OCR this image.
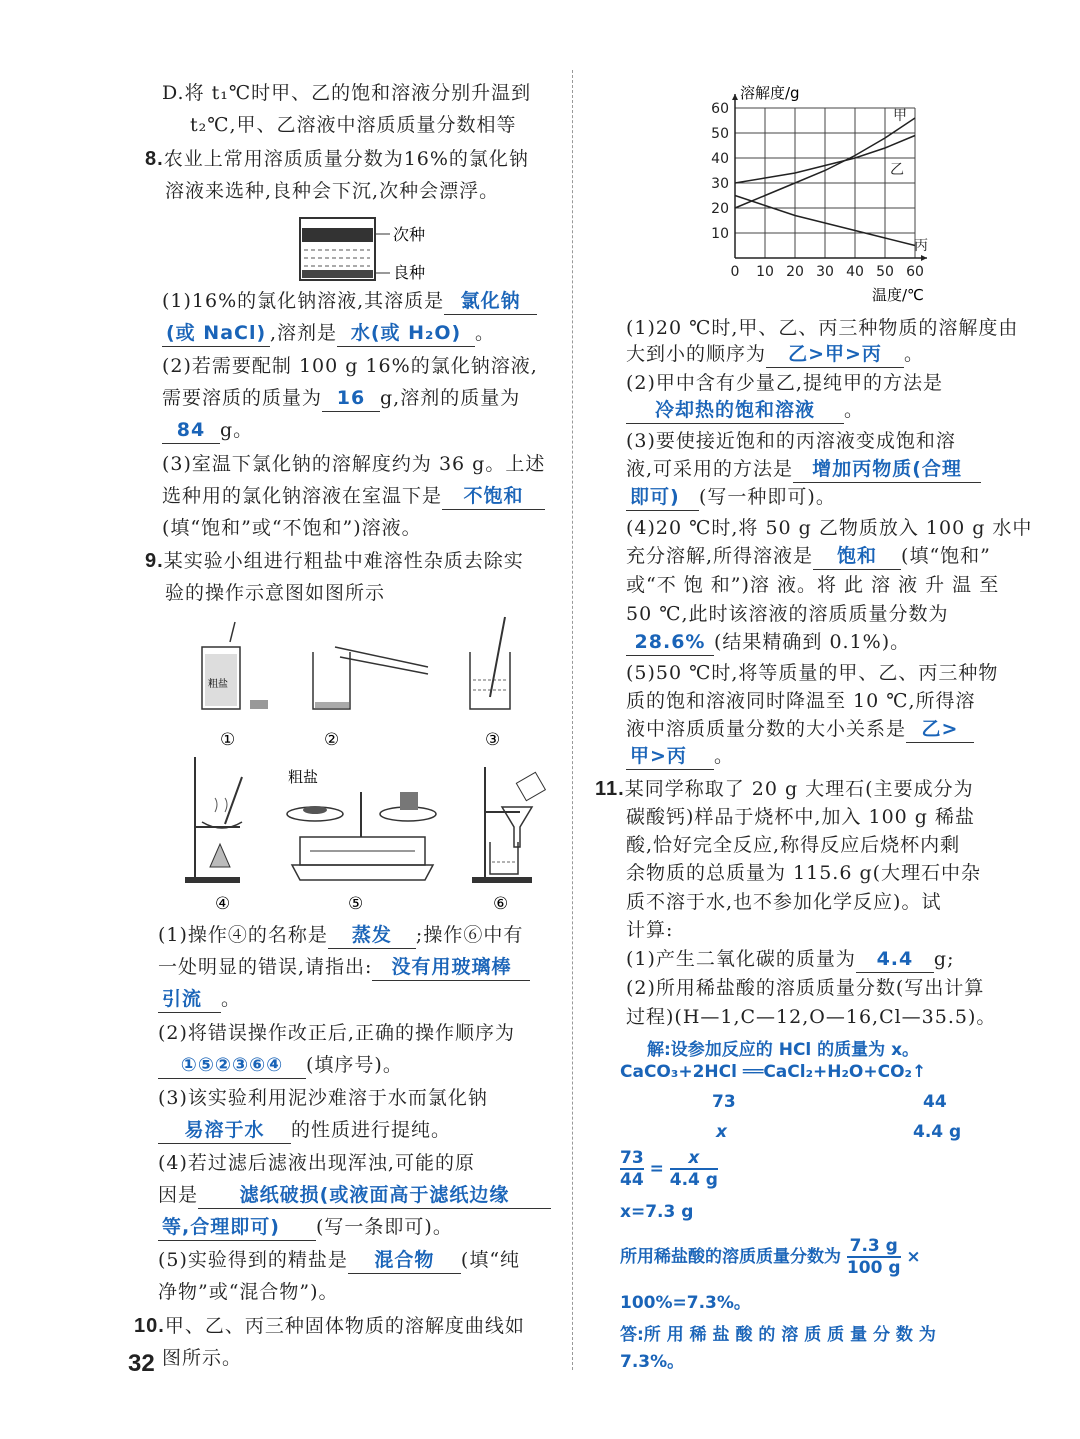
D.将 t₁℃时甲、乙的饱和溶液分别升温到
t₂℃,甲、乙溶液中溶质质量分数相等
8.农业上常用溶质质量分数为16%的氯化钠
溶液来选种,良种会下沉,次种会漂浮。
次种
良种
(1)16%的氯化钠溶液,其溶质是 氯化钠
(或 NaCl) ,溶剂是 水(或 H₂O) 。
(2)若需要配制 100 g 16%的氯化钠溶液,
需要溶质的质量为 16 g,溶剂的质量为
84 g。
(3)室温下氯化钠的溶解度约为 36 g。上述
选种用的氯化钠溶液在室温下是 不饱和
(填“饱和”或“不饱和”)溶液。
9.某实验小组进行粗盐中难溶性杂质去除实
验的操作示意图如图所示
粗盐
粗盐
①	②	③
④	⑤	⑥
(1)操作④的名称是 蒸发 ;操作⑥中有
一处明显的错误,请指出: 没有用玻璃棒
引流 。
(2)将错误操作改正后,正确的操作顺序为
①⑤②③⑥④ (填序号)。
(3)该实验利用泥沙难溶于水而氯化钠
易溶于水 的性质进行提纯。
(4)若过滤后滤液出现浑浊,可能的原
因是 滤纸破损(或液面高于滤纸边缘
等,合理即可) (写一条即可)。
(5)实验得到的精盐是 混合物 (填“纯
净物”或“混合物”)。
10.甲、乙、丙三种固体物质的溶解度曲线如
图所示。
32
甲
乙
丙
0 10 20 30 40 50 60
10
20
30
40
50
60
溶解度/g
温度/℃
(1)20 ℃时,甲、乙、丙三种物质的溶解度由
大到小的顺序为 乙>甲>丙 。
(2)甲中含有少量乙,提纯甲的方法是
冷却热的饱和溶液 。
(3)要使接近饱和的丙溶液变成饱和溶
液,可采用的方法是 增加丙物质(合理
即可) (写一种即可)。
(4)20 ℃时,将 50 g 乙物质放入 100 g 水中
充分溶解,所得溶液是 饱和 (填“饱和”
或“不 饱 和”)溶 液。将 此 溶 液 升 温 至
50 ℃,此时该溶液的溶质质量分数为
28.6% (结果精确到 0.1%)。
(5)50 ℃时,将等质量的甲、乙、丙三种物
质的饱和溶液同时降温至 10 ℃,所得溶
液中溶质质量分数的大小关系是 乙>
甲>丙 。
11.某同学称取了 20 g 大理石(主要成分为
碳酸钙)样品于烧杯中,加入 100 g 稀盐
酸,恰好完全反应,称得反应后烧杯内剩
余物质的总质量为 115.6 g(大理石中杂
质不溶于水,也不参加化学反应)。试
计算:
(1)产生二氧化碳的质量为 4.4 g;
(2)所用稀盐酸的溶质质量分数(写出计算
过程)(H—1,C—12,O—16,Cl—35.5)。
解:设参加反应的 HCl 的质量为 x。
CaCO₃+2HCl ══CaCl₂+H₂O+CO₂↑
73	44
x	4.4 g
$\frac{73}{44} = \frac{x}{4.4 g}$
x=7.3 g
所用稀盐酸的溶质质量分数为 $\frac{7.3 g}{100 g}$ ×
100%=7.3%。
答:所 用 稀 盐 酸 的 溶 质 质 量 分 数 为
7.3%。
